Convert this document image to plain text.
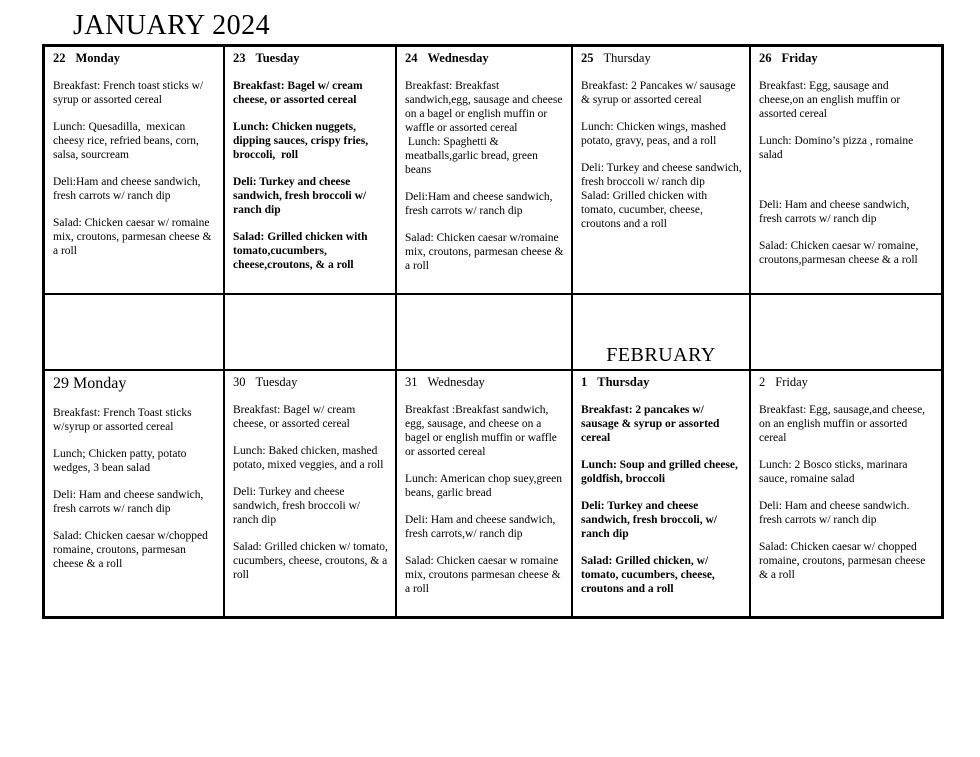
JANUARY 2024
22 Monday

Breakfast: French toast sticks w/ syrup or assorted cereal

Lunch: Quesadilla,  mexican cheesy rice, refried beans, corn, salsa, sourcream

Deli:Ham and cheese sandwich, fresh carrots w/ ranch dip

Salad: Chicken caesar w/ romaine mix, croutons, parmesan cheese & a roll

23 Tuesday

Breakfast: Bagel w/ cream cheese, or assorted cereal

Lunch: Chicken nuggets, dipping sauces, crispy fries, broccoli,  roll

Deli: Turkey and cheese sandwich, fresh broccoli w/ ranch dip

Salad: Grilled chicken with tomato,cucumbers, cheese,croutons, & a roll

24 Wednesday

Breakfast: Breakfast sandwich,egg, sausage and cheese on a bagel or english muffin or waffle or assorted cereal

Lunch: Spaghetti & meatballs,garlic bread, green beans

Deli:Ham and cheese sandwich, fresh carrots w/ ranch dip

Salad: Chicken caesar w/romaine mix, croutons, parmesan cheese & a roll

25 Thursday

Breakfast: 2 Pancakes w/ sausage & syrup or assorted cereal

Lunch: Chicken wings, mashed potato, gravy, peas, and a roll

Deli: Turkey and cheese sandwich, fresh broccoli w/ ranch dip

Salad: Grilled chicken with tomato, cucumber, cheese, croutons and a roll

26 Friday

Breakfast: Egg, sausage and cheese,on an english muffin or assorted cereal

Lunch: Domino’s pizza , romaine salad

Deli: Ham and cheese sandwich, fresh carrots w/ ranch dip

Salad: Chicken caesar w/ romaine, croutons,parmesan cheese & a roll

FEBRUARY
29 Monday

Breakfast: French Toast sticks w/syrup or assorted cereal

Lunch; Chicken patty, potato wedges, 3 bean salad

Deli: Ham and cheese sandwich, fresh carrots w/ ranch dip

Salad: Chicken caesar w/chopped romaine, croutons, parmesan cheese & a roll

30 Tuesday

Breakfast: Bagel w/ cream cheese, or assorted cereal

Lunch: Baked chicken, mashed potato, mixed veggies, and a roll

Deli: Turkey and cheese sandwich, fresh broccoli w/ ranch dip

Salad: Grilled chicken w/ tomato, cucumbers, cheese, croutons, & a roll

31 Wednesday

Breakfast :Breakfast sandwich, egg, sausage, and cheese on a bagel or english muffin or waffle or assorted cereal

Lunch: American chop suey,green beans, garlic bread

Deli: Ham and cheese sandwich, fresh carrots,w/ ranch dip

Salad: Chicken caesar w romaine mix, croutons parmesan cheese & a roll

1 Thursday

Breakfast: 2 pancakes w/ sausage & syrup or assorted cereal

Lunch: Soup and grilled cheese, goldfish, broccoli

Deli: Turkey and cheese sandwich, fresh broccoli, w/ ranch dip

Salad: Grilled chicken, w/ tomato, cucumbers, cheese, croutons and a roll

2 Friday

Breakfast: Egg, sausage,and cheese, on an english muffin or assorted cereal

Lunch: 2 Bosco sticks, marinara sauce, romaine salad

Deli: Ham and cheese sandwich. fresh carrots w/ ranch dip

Salad: Chicken caesar w/ chopped romaine, croutons, parmesan cheese & a roll
